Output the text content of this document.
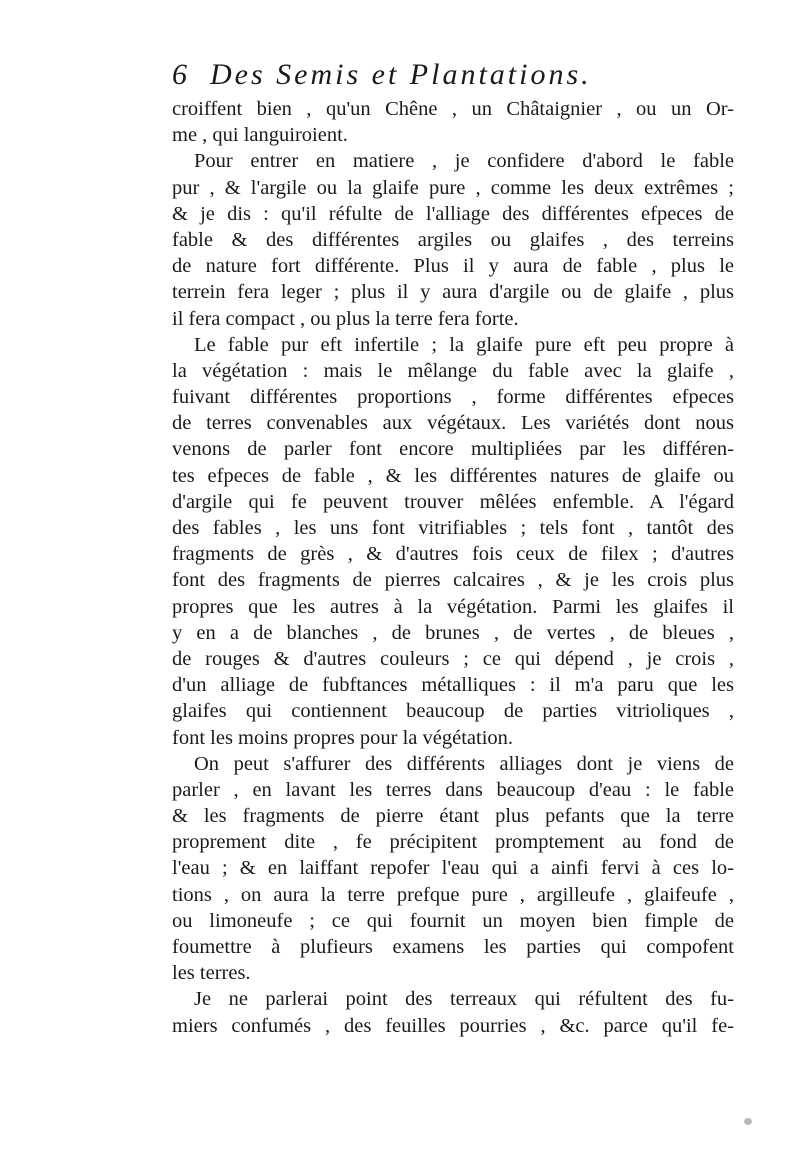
6 Des Semis et Plantations.
croiffent bien , qu'un Chêne , un Châtaignier , ou un Or-
me , qui languiroient.
Pour entrer en matiere , je confidere d'abord le fable
pur , & l'argile ou la glaife pure , comme les deux extrêmes ;
& je dis : qu'il réfulte de l'alliage des différentes efpeces de
fable & des différentes argiles ou glaifes , des terreins
de nature fort différente. Plus il y aura de fable , plus le
terrein fera leger ; plus il y aura d'argile ou de glaife , plus
il fera compact , ou plus la terre fera forte.
Le fable pur eft infertile ; la glaife pure eft peu propre à
la végétation : mais le mêlange du fable avec la glaife ,
fuivant différentes proportions , forme différentes efpeces
de terres convenables aux végétaux. Les variétés dont nous
venons de parler font encore multipliées par les différen-
tes efpeces de fable , & les différentes natures de glaife ou
d'argile qui fe peuvent trouver mêlées enfemble. A l'égard
des fables , les uns font vitrifiables ; tels font , tantôt des
fragments de grès , & d'autres fois ceux de filex ; d'autres
font des fragments de pierres calcaires , & je les crois plus
propres que les autres à la végétation. Parmi les glaifes il
y en a de blanches , de brunes , de vertes , de bleues ,
de rouges & d'autres couleurs ; ce qui dépend , je crois ,
d'un alliage de fubftances métalliques : il m'a paru que les
glaifes qui contiennent beaucoup de parties vitrioliques ,
font les moins propres pour la végétation.
On peut s'affurer des différents alliages dont je viens de
parler , en lavant les terres dans beaucoup d'eau : le fable
& les fragments de pierre étant plus pefants que la terre
proprement dite , fe précipitent promptement au fond de
l'eau ; & en laiffant repofer l'eau qui a ainfi fervi à ces lo-
tions , on aura la terre prefque pure , argilleufe , glaifeufe ,
ou limoneufe ; ce qui fournit un moyen bien fimple de
foumettre à plufieurs examens les parties qui compofent
les terres.
Je ne parlerai point des terreaux qui réfultent des fu-
miers confumés , des feuilles pourries , &c. parce qu'il fe-
